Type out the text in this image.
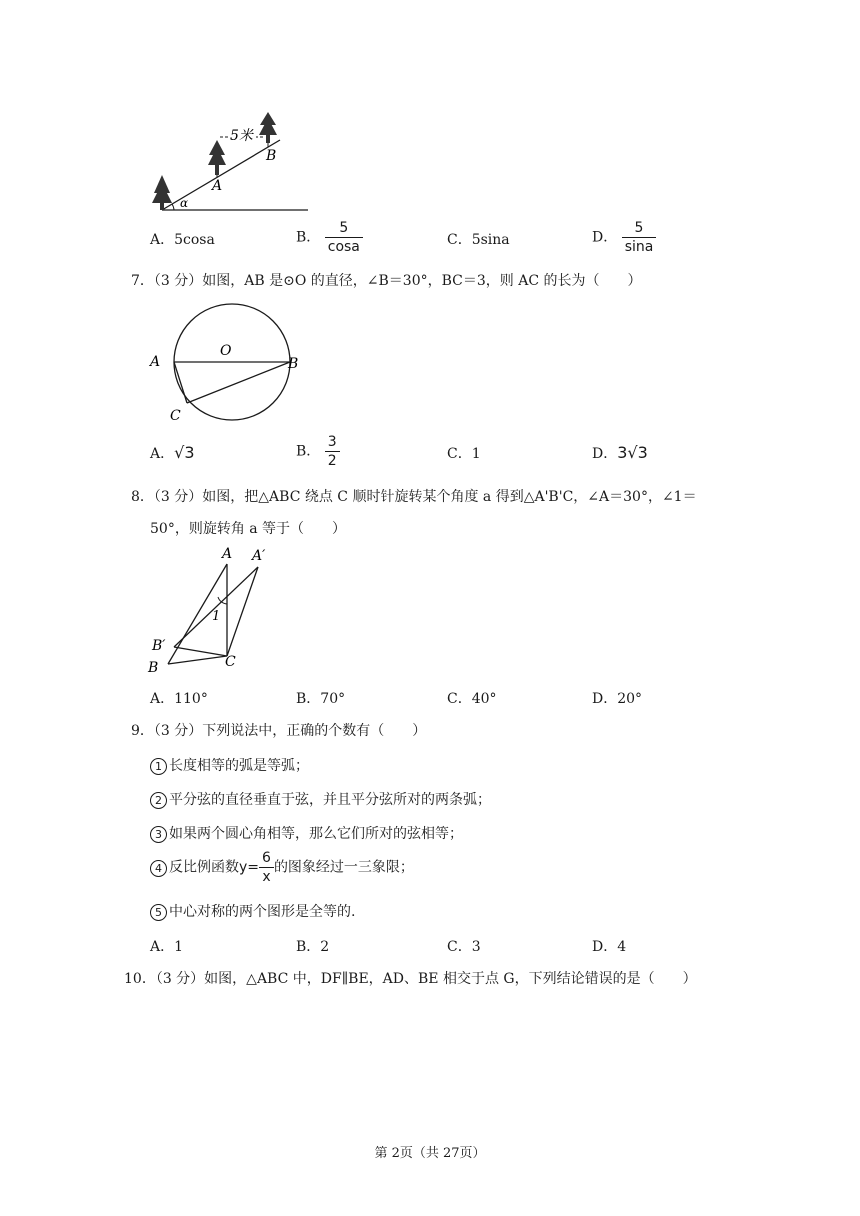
5米
B
A
α
A．5cosa	B． $\frac{5}{\cos a}$	C．5sina	D． $\frac{5}{\sin a}$
7．（3 分）如图，AB 是⊙O 的直径，∠B＝30°，BC＝3，则 AC 的长为（　　）
A
O
B
C
A．√3	B． $\frac{3}{2}$	C．1	D．3√3
8．（3 分）如图，把△ABC 绕点 C 顺时针旋转某个角度 a 得到△A'B'C，∠A＝30°，∠1＝
50°，则旋转角 a 等于（　　）
A A′
1
B′
B	C
A．110°	B．70°	C．40°	D．20°
9．（3 分）下列说法中，正确的个数有（　　）
1 长度相等的弧是等弧；
2 平分弦的直径垂直于弦，并且平分弦所对的两条弧；
3 如果两个圆心角相等，那么它们所对的弦相等；
4 反比例函数$y= \frac{6}{x}$ 的图象经过一三象限；
5 中心对称的两个图形是全等的.
A．1	B．2	C．3	D．4
10．（3 分）如图，△ABC 中，DF∥BE，AD、BE 相交于点 G，下列结论错误的是（　　）
第 2页（共 27页）
